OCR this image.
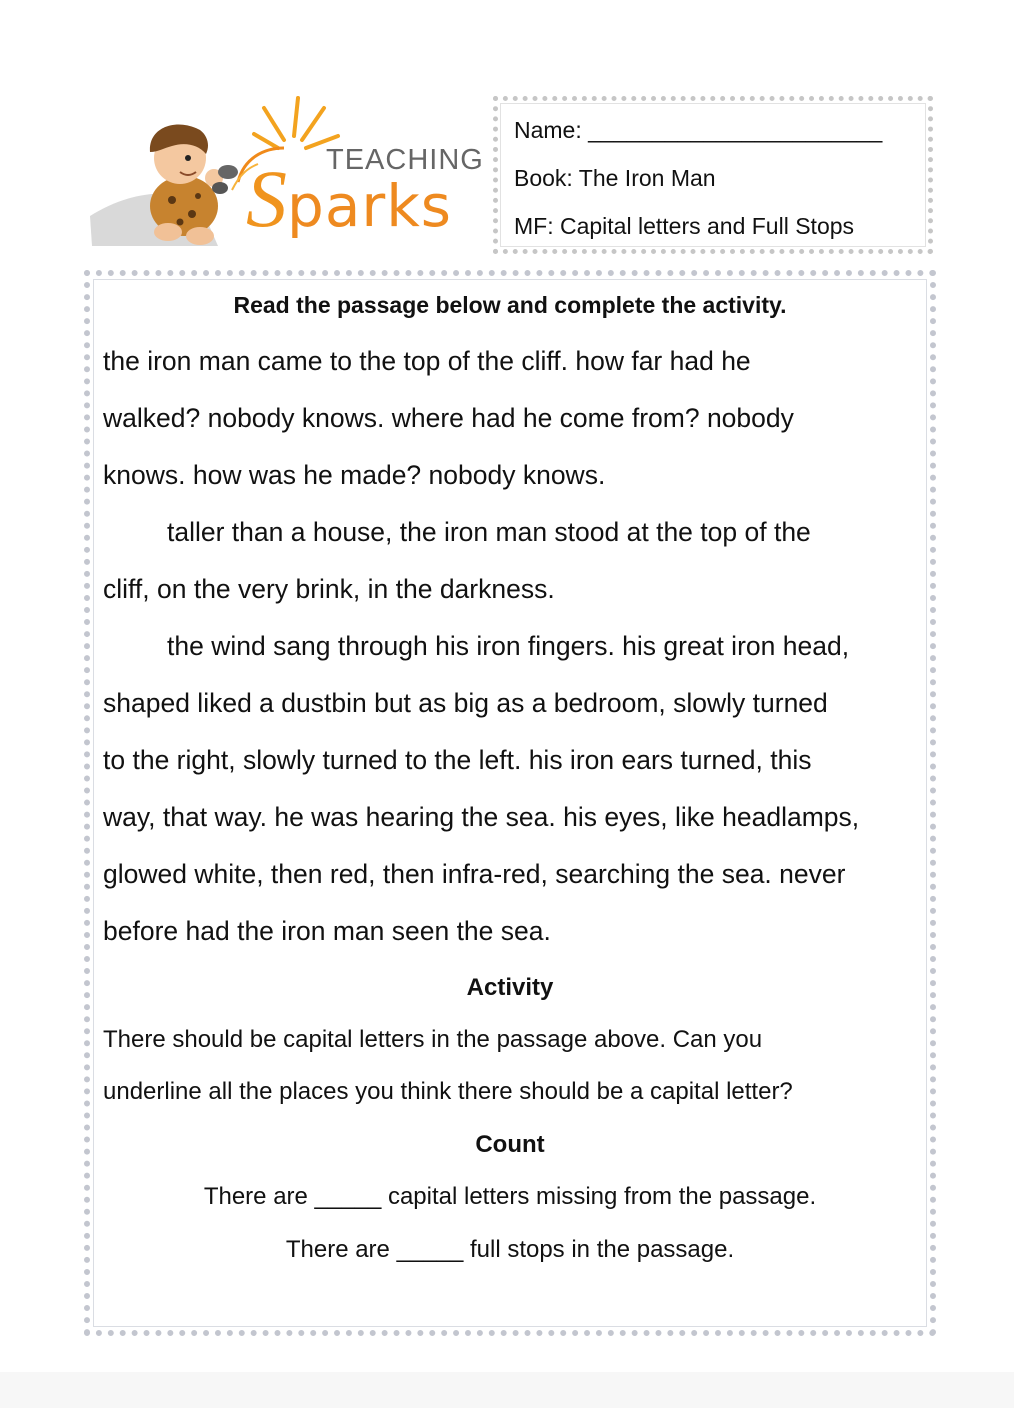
TEACHING
Sparks
Name: _______________________
Book: The Iron Man
MF: Capital letters and Full Stops
Read the passage below and complete the activity.
the iron man came to the top of the cliff. how far had he
walked? nobody knows. where had he come from? nobody
knows. how was he made? nobody knows.
taller than a house, the iron man stood at the top of the
cliff, on the very brink, in the darkness.
the wind sang through his iron fingers. his great iron head,
shaped liked a dustbin but as big as a bedroom, slowly turned
to the right, slowly turned to the left. his iron ears turned, this
way, that way. he was hearing the sea. his eyes, like headlamps,
glowed white, then red, then infra-red, searching the sea. never
before had the iron man seen the sea.
Activity
There should be capital letters in the passage above. Can you
underline all the places you think there should be a capital letter?
Count
There are _____ capital letters missing from the passage.
There are _____ full stops in the passage.
